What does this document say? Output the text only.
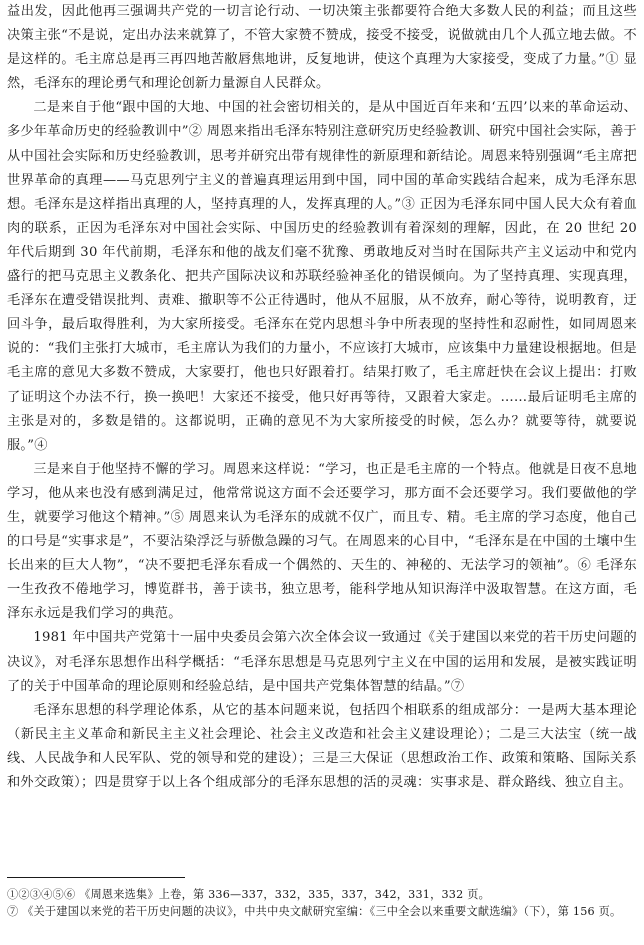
益出发，因此他再三强调共产党的一切言论行动、一切决策主张都要符合绝大多数人民的利益；而且这些决策主张“不是说，定出办法来就算了，不管大家赞不赞成，接受不接受，说做就由几个人孤立地去做。不是这样的。毛主席总是再三再四地苦敝唇焦地讲，反复地讲，使这个真理为大家接受，变成了力量。”① 显然，毛泽东的理论勇气和理论创新力量源自人民群众。

二是来自于他“跟中国的大地、中国的社会密切相关的，是从中国近百年来和‘五四’以来的革命运动、多少年革命历史的经验教训中”② 周恩来指出毛泽东特别注意研究历史经验教训、研究中国社会实际，善于从中国社会实际和历史经验教训，思考并研究出带有规律性的新原理和新结论。周恩来特别强调“毛主席把世界革命的真理——马克思列宁主义的普遍真理运用到中国，同中国的革命实践结合起来，成为毛泽东思想。毛泽东是这样指出真理的人，坚持真理的人，发挥真理的人。”③ 正因为毛泽东同中国人民大众有着血肉的联系，正因为毛泽东对中国社会实际、中国历史的经验教训有着深刻的理解，因此，在 20 世纪 20 年代后期到 30 年代前期，毛泽东和他的战友们毫不犹豫、勇敢地反对当时在国际共产主义运动中和党内盛行的把马克思主义教条化、把共产国际决议和苏联经验神圣化的错误倾向。为了坚持真理、实现真理，毛泽东在遭受错误批判、责难、撤职等不公正待遇时，他从不屈服，从不放弃，耐心等待，说明教育，迂回斗争，最后取得胜利，为大家所接受。毛泽东在党内思想斗争中所表现的坚持性和忍耐性，如同周恩来说的：“我们主张打大城市，毛主席认为我们的力量小，不应该打大城市，应该集中力量建设根据地。但是毛主席的意见大多数不赞成，大家要打，他也只好跟着打。结果打败了，毛主席赶快在会议上提出：打败了证明这个办法不行，换一换吧！大家还不接受，他只好再等待，又跟着大家走。……最后证明毛主席的主张是对的，多数是错的。这都说明，正确的意见不为大家所接受的时候，怎么办？就要等待，就要说服。”④

三是来自于他坚持不懈的学习。周恩来这样说：“学习，也正是毛主席的一个特点。他就是日夜不息地学习，他从来也没有感到满足过，他常常说这方面不会还要学习，那方面不会还要学习。我们要做他的学生，就要学习他这个精神。”⑤ 周恩来认为毛泽东的成就不仅广，而且专、精。毛主席的学习态度，他自己的口号是“实事求是”，不要沾染浮泛与骄傲急躁的习气。在周恩来的心目中，“毛泽东是在中国的土壤中生长出来的巨大人物”，“决不要把毛泽东看成一个偶然的、天生的、神秘的、无法学习的领袖”。⑥ 毛泽东一生孜孜不倦地学习，博览群书，善于读书，独立思考，能科学地从知识海洋中汲取智慧。在这方面，毛泽东永远是我们学习的典范。

1981 年中国共产党第十一届中央委员会第六次全体会议一致通过《关于建国以来党的若干历史问题的决议》，对毛泽东思想作出科学概括：“毛泽东思想是马克思列宁主义在中国的运用和发展，是被实践证明了的关于中国革命的理论原则和经验总结，是中国共产党集体智慧的结晶。”⑦

毛泽东思想的科学理论体系，从它的基本问题来说，包括四个相联系的组成部分：一是两大基本理论（新民主主义革命和新民主主义社会理论、社会主义改造和社会主义建设理论）；二是三大法宝（统一战线、人民战争和人民军队、党的领导和党的建设）；三是三大保证（思想政治工作、政策和策略、国际关系和外交政策）；四是贯穿于以上各个组成部分的毛泽东思想的活的灵魂：实事求是、群众路线、独立自主。

①②③④⑤⑥ 《周恩来选集》上卷，第 336—337，332，335，337，342，331，332 页。

⑦ 《关于建国以来党的若干历史问题的决议》，中共中央文献研究室编：《三中全会以来重要文献选编》（下），第 156 页。
